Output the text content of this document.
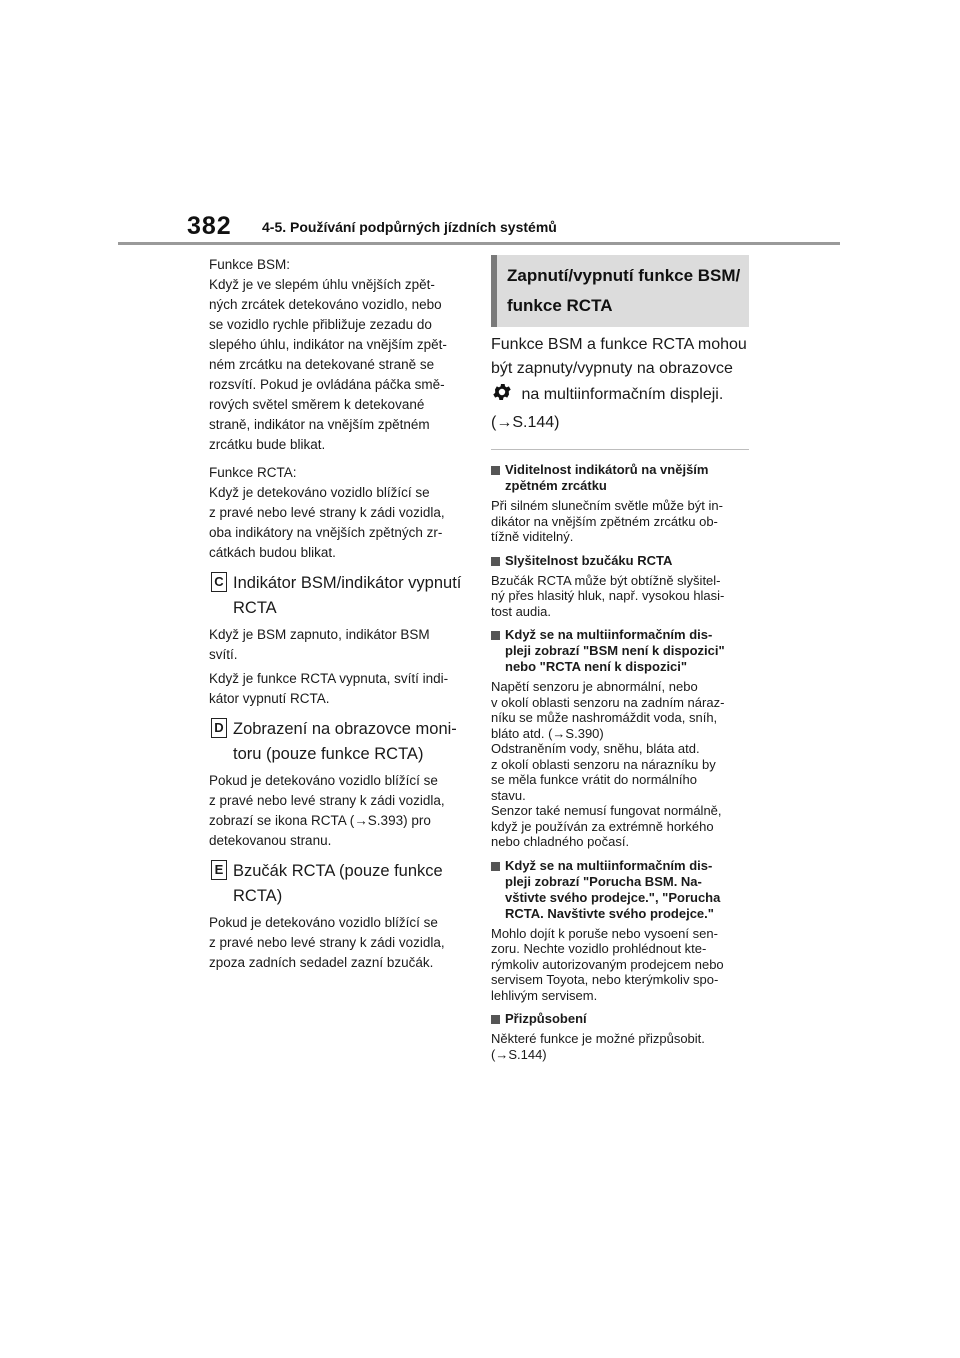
382 4-5. Používání podpůrných jízdních systémů

Funkce BSM:

Když je ve slepém úhlu vnějších zpět-

ných zrcátek detekováno vozidlo, nebo

se vozidlo rychle přibližuje zezadu do

slepého úhlu, indikátor na vnějším zpět-

ném zrcátku na detekované straně se

rozsvítí. Pokud je ovládána páčka smě-

rových světel směrem k detekované

straně, indikátor na vnějším zpětném

zrcátku bude blikat.

Funkce RCTA:

Když je detekováno vozidlo blížící se

z pravé nebo levé strany k zádi vozidla,

oba indikátory na vnějších zpětných zr-

cátkách budou blikat.

C Indikátor BSM/indikátor vypnutí
RCTA

Když je BSM zapnuto, indikátor BSM

svítí.

Když je funkce RCTA vypnuta, svítí indi-

kátor vypnutí RCTA.

D Zobrazení na obrazovce moni-
toru (pouze funkce RCTA)

Pokud je detekováno vozidlo blížící se

z pravé nebo levé strany k zádi vozidla,

zobrazí se ikona RCTA (→S.393) pro

detekovanou stranu.

E Bzučák RCTA (pouze funkce
RCTA)

Pokud je detekováno vozidlo blížící se

z pravé nebo levé strany k zádi vozidla,

zpoza zadních sedadel zazní bzučák.

Zapnutí/vypnutí funkce BSM/
funkce RCTA
Funkce BSM a funkce RCTA mohou
být zapnuty/vypnuty na obrazovce
na multiinformačním displeji.
(→S.144)
Viditelnost indikátorů na vnějším
zpětném zrcátku
Při silném slunečním světle může být in-
dikátor na vnějším zpětném zrcátku ob-
tížně viditelný.
Slyšitelnost bzučáku RCTA
Bzučák RCTA může být obtížně slyšitel-
ný přes hlasitý hluk, např. vysokou hlasi-
tost audia.
Když se na multiinformačním dis-
pleji zobrazí "BSM není k dispozici"
nebo "RCTA není k dispozici"
Napětí senzoru je abnormální, nebo
v okolí oblasti senzoru na zadním náraz-
níku se může nashromáždit voda, sníh,
bláto atd. (→S.390)
Odstraněním vody, sněhu, bláta atd.
z okolí oblasti senzoru na nárazníku by
se měla funkce vrátit do normálního
stavu.
Senzor také nemusí fungovat normálně,
když je používán za extrémně horkého
nebo chladného počasí.
Když se na multiinformačním dis-
pleji zobrazí "Porucha BSM. Na-
vštivte svého prodejce.", "Porucha
RCTA. Navštivte svého prodejce."
Mohlo dojít k poruše nebo vysoení sen-
zoru. Nechte vozidlo prohlédnout kte-
rýmkoliv autorizovaným prodejcem nebo
servisem Toyota, nebo kterýmkoliv spo-
lehlivým servisem.
Přizpůsobení
Některé funkce je možné přizpůsobit.
(→S.144)
